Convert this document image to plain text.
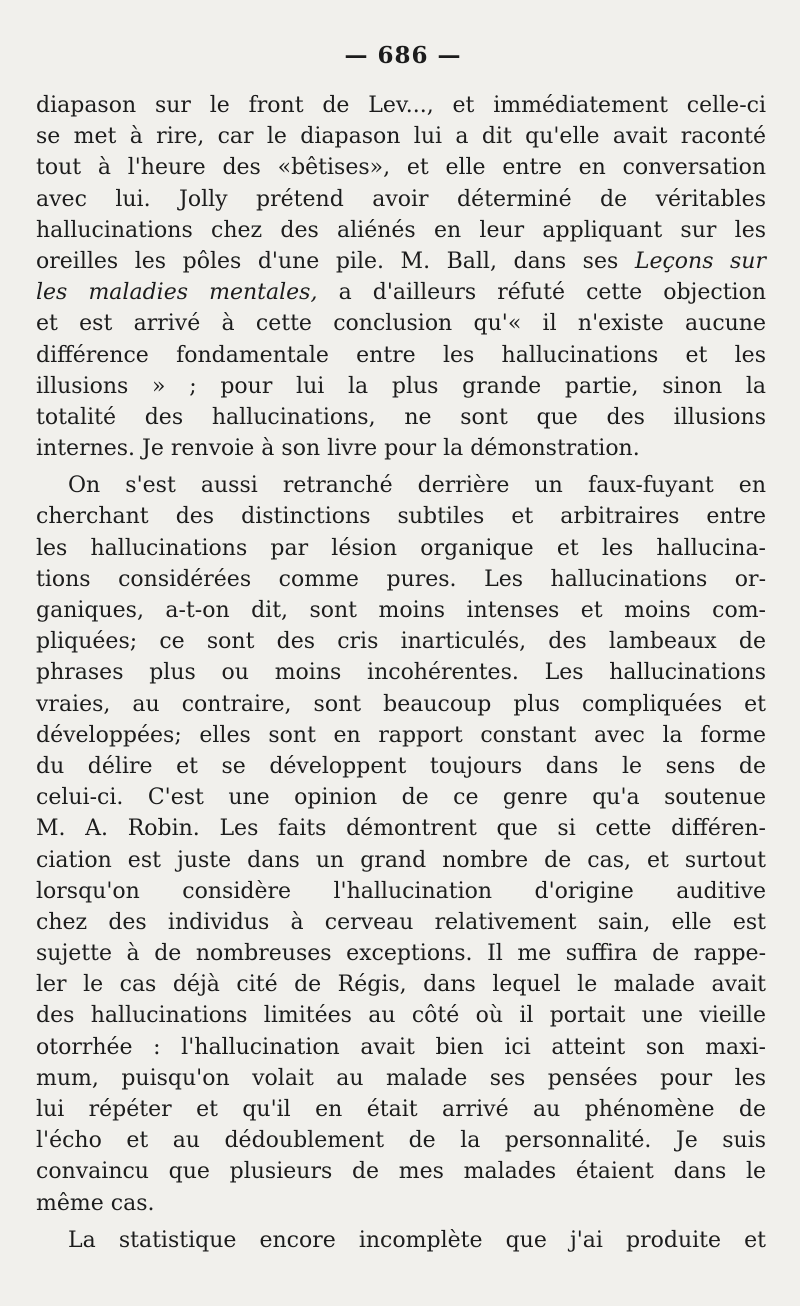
— 686 —
diapason sur le front de Lev..., et immédiatement celle-ci
se met à rire, car le diapason lui a dit qu'elle avait raconté
tout à l'heure des «bêtises», et elle entre en conversation
avec lui. Jolly prétend avoir déterminé de véritables
hallucinations chez des aliénés en leur appliquant sur les
oreilles les pôles d'une pile. M. Ball, dans ses Leçons sur
les maladies mentales, a d'ailleurs réfuté cette objection
et est arrivé à cette conclusion qu'« il n'existe aucune
différence fondamentale entre les hallucinations et les
illusions » ; pour lui la plus grande partie, sinon la
totalité des hallucinations, ne sont que des illusions
internes. Je renvoie à son livre pour la démonstration.
On s'est aussi retranché derrière un faux-fuyant en
cherchant des distinctions subtiles et arbitraires entre
les hallucinations par lésion organique et les hallucina-
tions considérées comme pures. Les hallucinations or-
ganiques, a-t-on dit, sont moins intenses et moins com-
pliquées; ce sont des cris inarticulés, des lambeaux de
phrases plus ou moins incohérentes. Les hallucinations
vraies, au contraire, sont beaucoup plus compliquées et
développées; elles sont en rapport constant avec la forme
du délire et se développent toujours dans le sens de
celui-ci. C'est une opinion de ce genre qu'a soutenue
M. A. Robin. Les faits démontrent que si cette différen-
ciation est juste dans un grand nombre de cas, et surtout
lorsqu'on considère l'hallucination d'origine auditive
chez des individus à cerveau relativement sain, elle est
sujette à de nombreuses exceptions. Il me suffira de rappe-
ler le cas déjà cité de Régis, dans lequel le malade avait
des hallucinations limitées au côté où il portait une vieille
otorrhée : l'hallucination avait bien ici atteint son maxi-
mum, puisqu'on volait au malade ses pensées pour les
lui répéter et qu'il en était arrivé au phénomène de
l'écho et au dédoublement de la personnalité. Je suis
convaincu que plusieurs de mes malades étaient dans le
même cas.
La statistique encore incomplète que j'ai produite et
